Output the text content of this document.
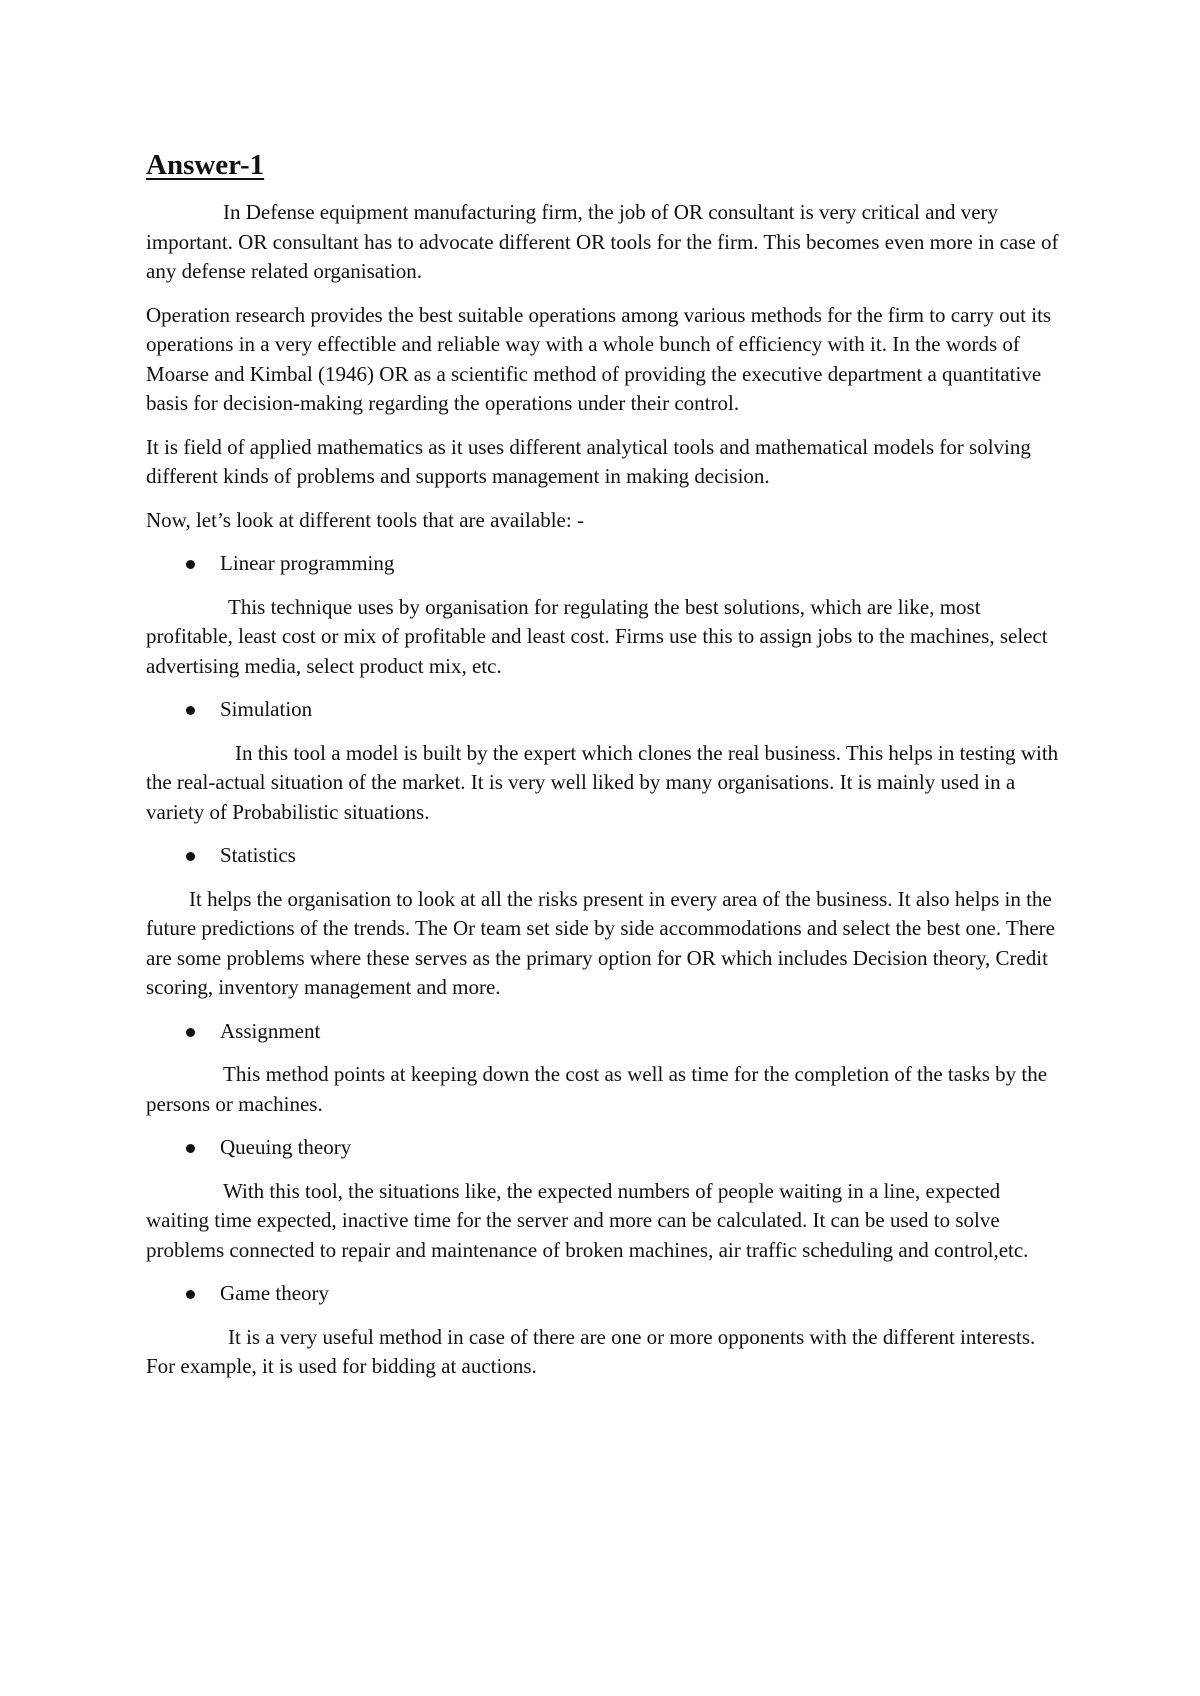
Answer-1

In Defense equipment manufacturing firm, the job of OR consultant is very critical and very important. OR consultant has to advocate different OR tools for the firm. This becomes even more in case of any defense related organisation.

Operation research provides the best suitable operations among various methods for the firm to carry out its operations in a very effectible and reliable way with a whole bunch of efficiency with it. In the words of Moarse and Kimbal (1946) OR as a scientific method of providing the executive department a quantitative basis for decision-making regarding the operations under their control.

It is field of applied mathematics as it uses different analytical tools and mathematical models for solving different kinds of problems and supports management in making decision.

Now, let’s look at different tools that are available: -

Linear programming

This technique uses by organisation for regulating the best solutions, which are like, most profitable, least cost or mix of profitable and least cost. Firms use this to assign jobs to the machines, select advertising media, select product mix, etc.

Simulation

In this tool a model is built by the expert which clones the real business. This helps in testing with the real-actual situation of the market. It is very well liked by many organisations. It is mainly used in a variety of Probabilistic situations.

Statistics

It helps the organisation to look at all the risks present in every area of the business. It also helps in the future predictions of the trends. The Or team set side by side accommodations and select the best one. There are some problems where these serves as the primary option for OR which includes Decision theory, Credit scoring, inventory management and more.

Assignment

This method points at keeping down the cost as well as time for the completion of the tasks by the persons or machines.

Queuing theory

With this tool, the situations like, the expected numbers of people waiting in a line, expected waiting time expected, inactive time for the server and more can be calculated. It can be used to solve problems connected to repair and maintenance of broken machines, air traffic scheduling and control,etc.

Game theory

It is a very useful method in case of there are one or more opponents with the different interests. For example, it is used for bidding at auctions.
